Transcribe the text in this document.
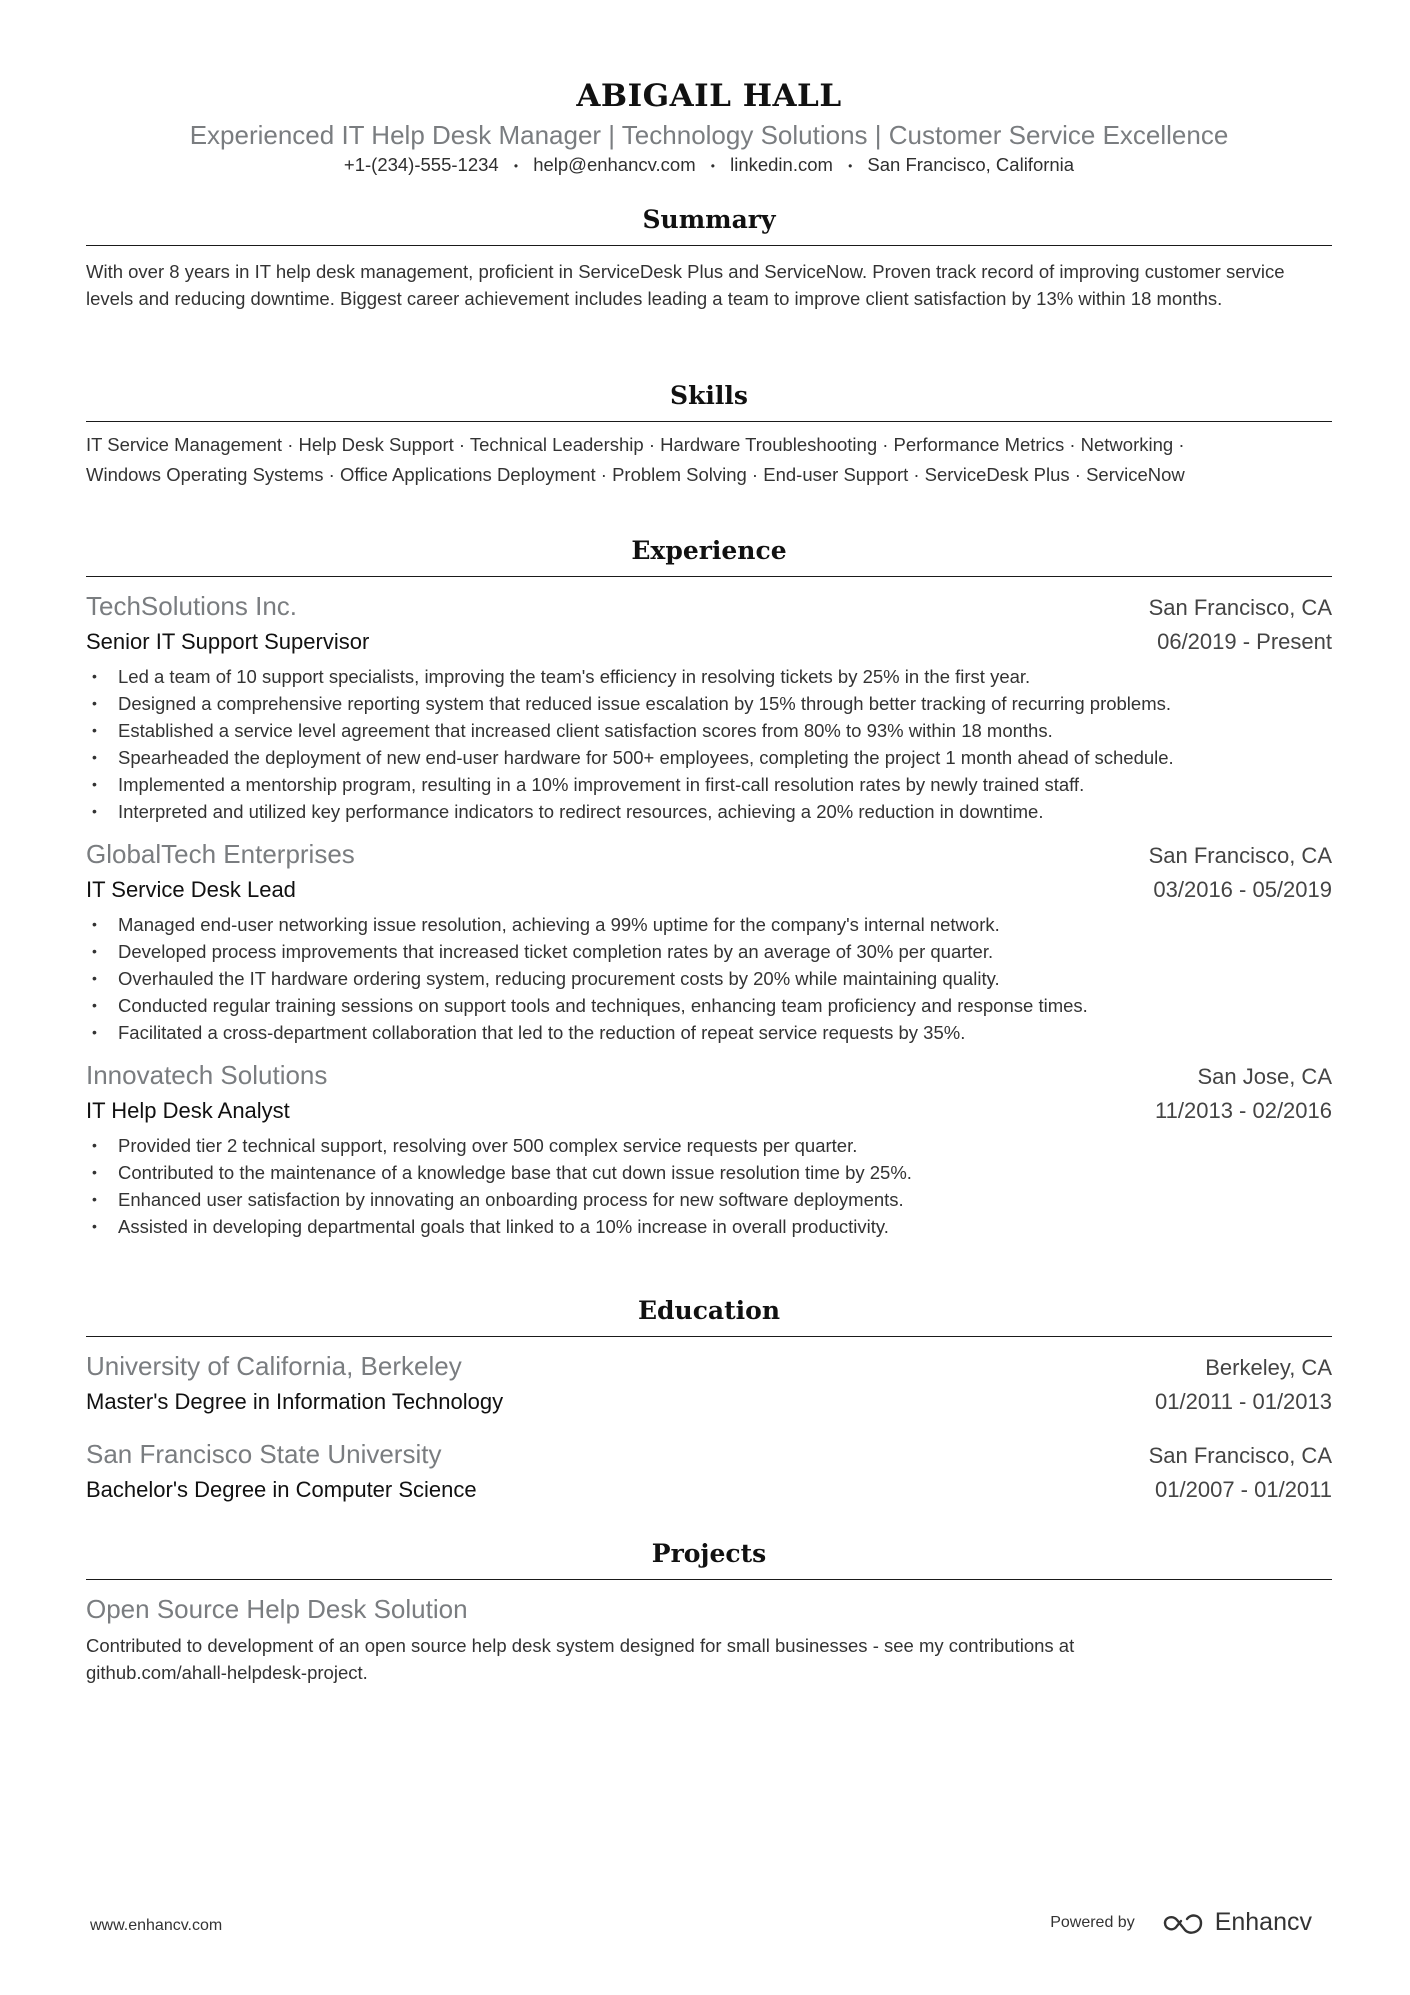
ABIGAIL HALL
Experienced IT Help Desk Manager | Technology Solutions | Customer Service Excellence
+1-(234)-555-1234 • help@enhancv.com • linkedin.com • San Francisco, California
Summary
With over 8 years in IT help desk management, proficient in ServiceDesk Plus and ServiceNow. Proven track record of improving customer service levels and reducing downtime. Biggest career achievement includes leading a team to improve client satisfaction by 13% within 18 months.
Skills
IT Service Management · Help Desk Support · Technical Leadership · Hardware Troubleshooting · Performance Metrics · Networking ·
Windows Operating Systems · Office Applications Deployment · Problem Solving · End-user Support · ServiceDesk Plus · ServiceNow
Experience
TechSolutions Inc.	San Francisco, CA
Senior IT Support Supervisor	06/2019 - Present
• Led a team of 10 support specialists, improving the team's efficiency in resolving tickets by 25% in the first year.
• Designed a comprehensive reporting system that reduced issue escalation by 15% through better tracking of recurring problems.
• Established a service level agreement that increased client satisfaction scores from 80% to 93% within 18 months.
• Spearheaded the deployment of new end-user hardware for 500+ employees, completing the project 1 month ahead of schedule.
• Implemented a mentorship program, resulting in a 10% improvement in first-call resolution rates by newly trained staff.
• Interpreted and utilized key performance indicators to redirect resources, achieving a 20% reduction in downtime.
GlobalTech Enterprises	San Francisco, CA
IT Service Desk Lead	03/2016 - 05/2019
• Managed end-user networking issue resolution, achieving a 99% uptime for the company's internal network.
• Developed process improvements that increased ticket completion rates by an average of 30% per quarter.
• Overhauled the IT hardware ordering system, reducing procurement costs by 20% while maintaining quality.
• Conducted regular training sessions on support tools and techniques, enhancing team proficiency and response times.
• Facilitated a cross-department collaboration that led to the reduction of repeat service requests by 35%.
Innovatech Solutions	San Jose, CA
IT Help Desk Analyst	11/2013 - 02/2016
• Provided tier 2 technical support, resolving over 500 complex service requests per quarter.
• Contributed to the maintenance of a knowledge base that cut down issue resolution time by 25%.
• Enhanced user satisfaction by innovating an onboarding process for new software deployments.
• Assisted in developing departmental goals that linked to a 10% increase in overall productivity.
Education
University of California, Berkeley	Berkeley, CA
Master's Degree in Information Technology	01/2011 - 01/2013
San Francisco State University	San Francisco, CA
Bachelor's Degree in Computer Science	01/2007 - 01/2011
Projects
Open Source Help Desk Solution
Contributed to development of an open source help desk system designed for small businesses - see my contributions at
github.com/ahall-helpdesk-project.
www.enhancv.com	Powered by	Enhancv
